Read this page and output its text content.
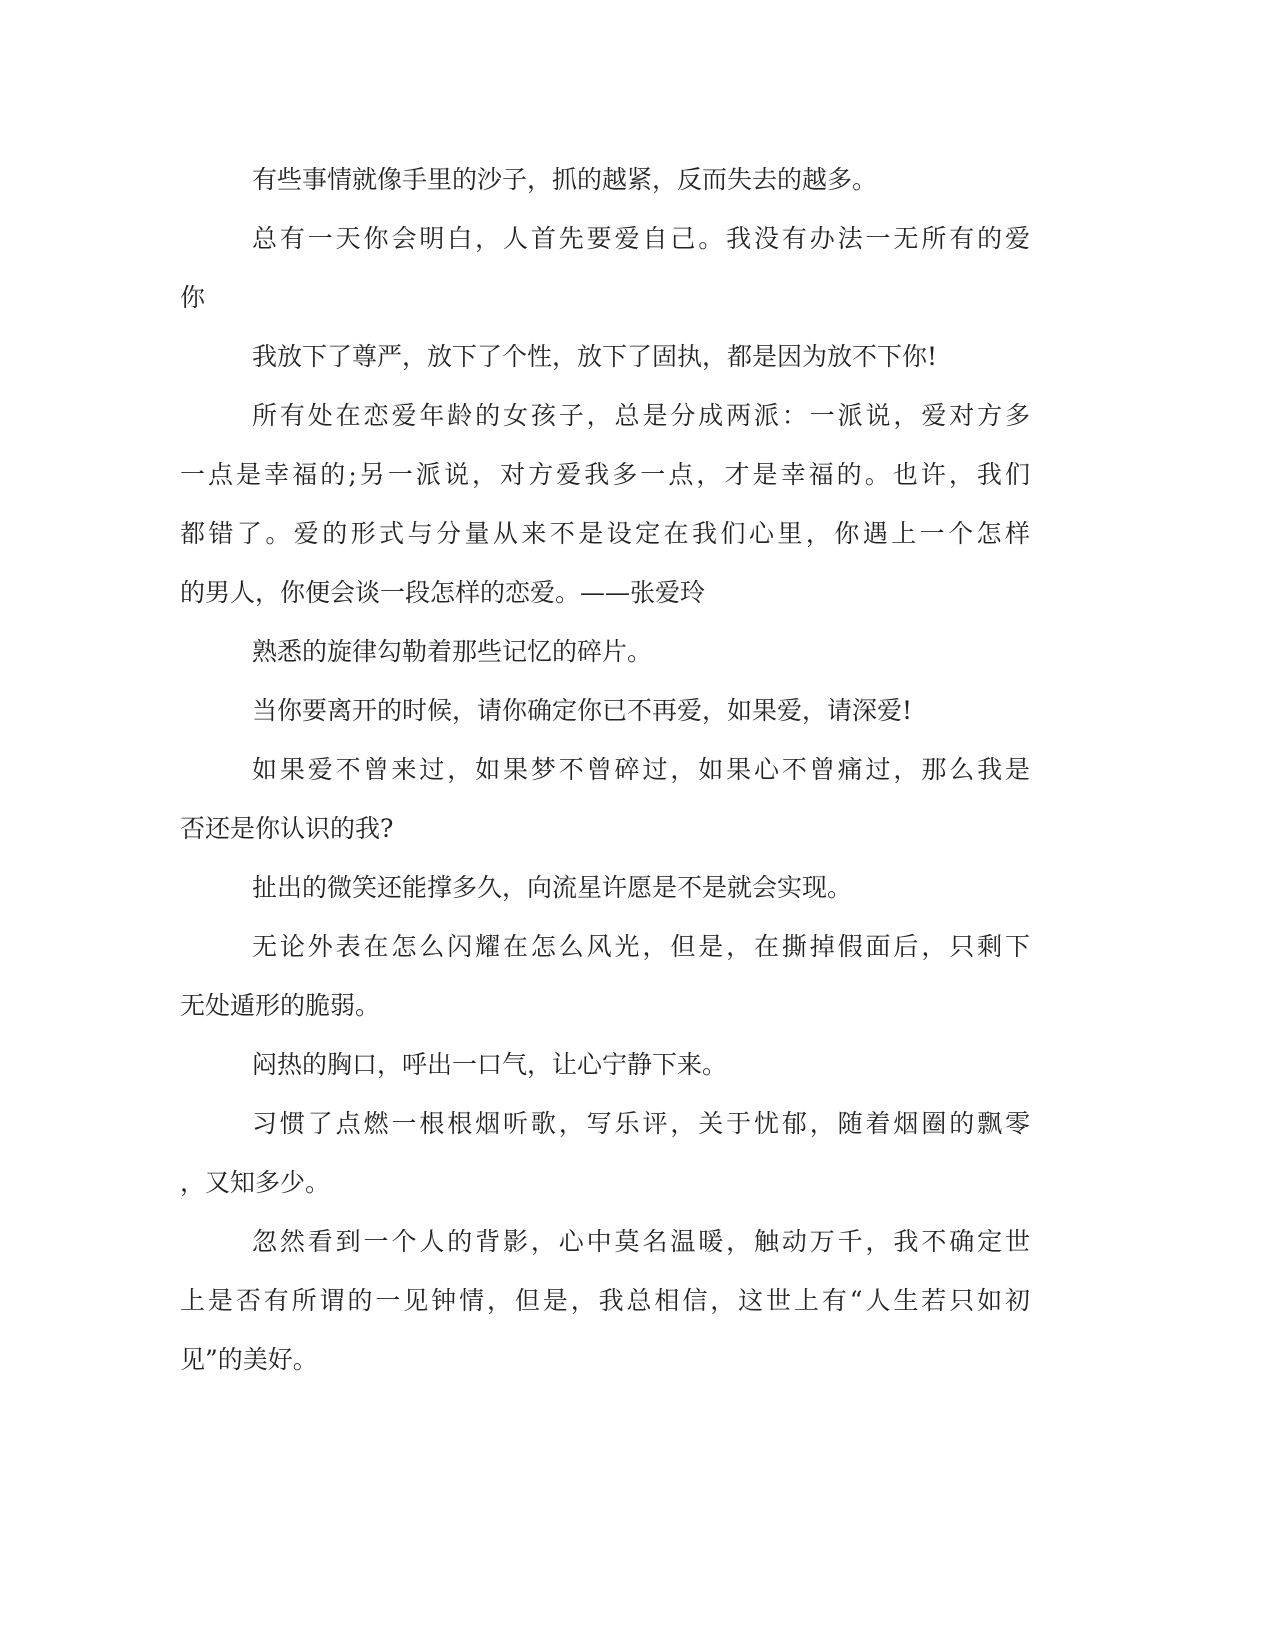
有些事情就像手里的沙子，抓的越紧，反而失去的越多。
总有一天你会明白，人首先要爱自己。我没有办法一无所有的爱
你
我放下了尊严，放下了个性，放下了固执，都是因为放不下你!
所有处在恋爱年龄的女孩子，总是分成两派：一派说，爱对方多
一点是幸福的;另一派说，对方爱我多一点，才是幸福的。也许，我们
都错了。爱的形式与分量从来不是设定在我们心里，你遇上一个怎样
的男人，你便会谈一段怎样的恋爱。——张爱玲
熟悉的旋律勾勒着那些记忆的碎片。
当你要离开的时候，请你确定你已不再爱，如果爱，请深爱!
如果爱不曾来过，如果梦不曾碎过，如果心不曾痛过，那么我是
否还是你认识的我?
扯出的微笑还能撑多久，向流星许愿是不是就会实现。
无论外表在怎么闪耀在怎么风光，但是，在撕掉假面后，只剩下
无处遁形的脆弱。
闷热的胸口，呼出一口气，让心宁静下来。
习惯了点燃一根根烟听歌，写乐评，关于忧郁，随着烟圈的飘零
，又知多少。
忽然看到一个人的背影，心中莫名温暖，触动万千，我不确定世
上是否有所谓的一见钟情，但是，我总相信，这世上有“人生若只如初
见”的美好。
